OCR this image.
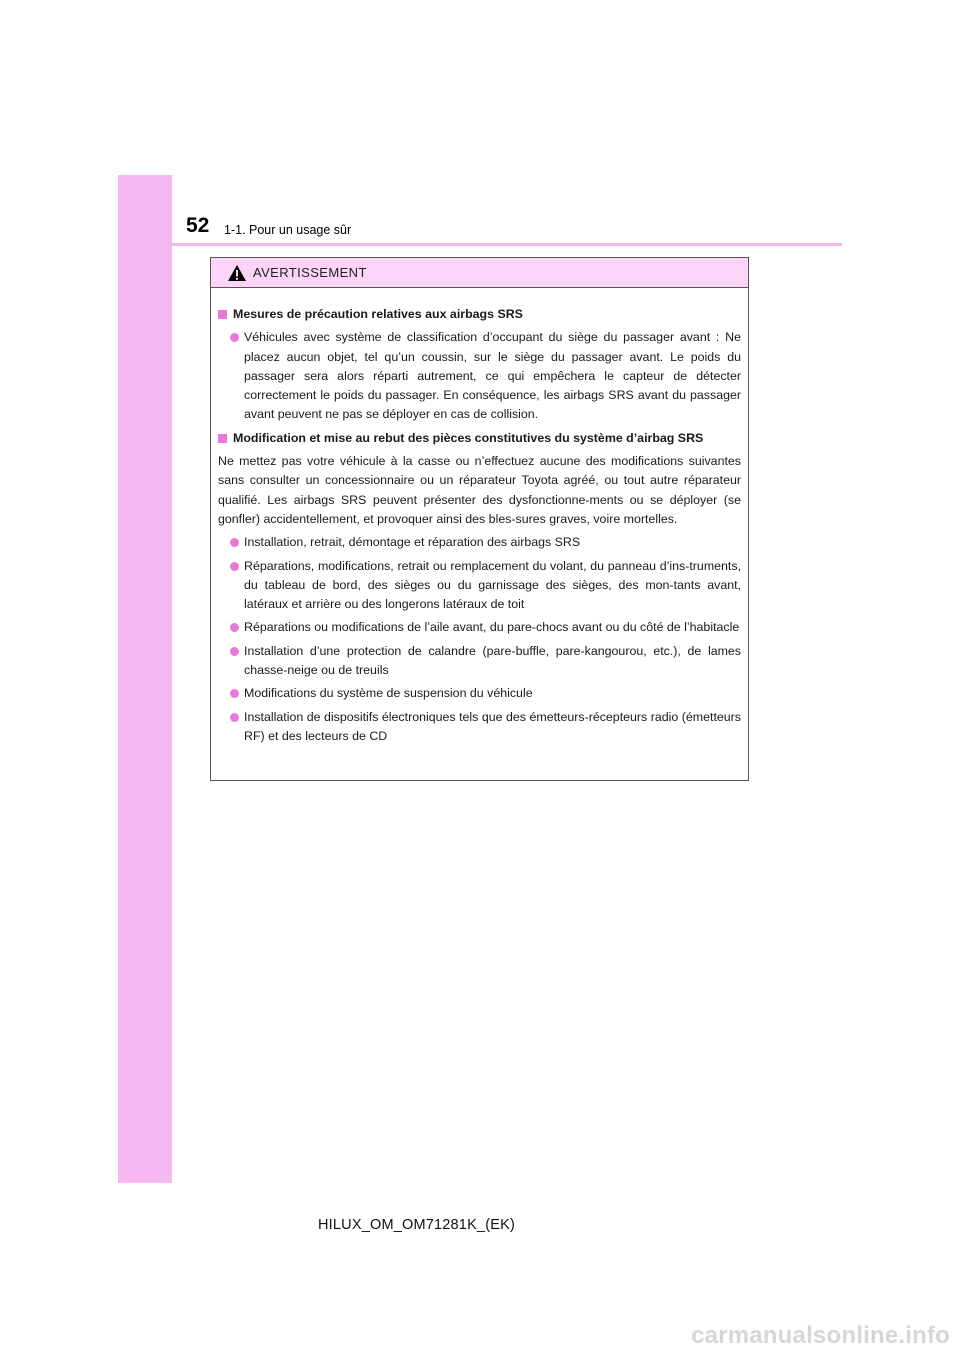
52 1-1. Pour un usage sûr
AVERTISSEMENT
Mesures de précaution relatives aux airbags SRS
Véhicules avec système de classification d’occupant du siège du passager avant : Ne placez aucun objet, tel qu’un coussin, sur le siège du passager avant. Le poids du passager sera alors réparti autrement, ce qui empêchera le capteur de détecter correctement le poids du passager. En conséquence, les airbags SRS avant du passager avant peuvent ne pas se déployer en cas de collision.
Modification et mise au rebut des pièces constitutives du système d’airbag SRS
Ne mettez pas votre véhicule à la casse ou n’effectuez aucune des modifications suivantes sans consulter un concessionnaire ou un réparateur Toyota agréé, ou tout autre réparateur qualifié. Les airbags SRS peuvent présenter des dysfonctionne-ments ou se déployer (se gonfler) accidentellement, et provoquer ainsi des bles-sures graves, voire mortelles.
Installation, retrait, démontage et réparation des airbags SRS
Réparations, modifications, retrait ou remplacement du volant, du panneau d’ins-truments, du tableau de bord, des sièges ou du garnissage des sièges, des mon-tants avant, latéraux et arrière ou des longerons latéraux de toit
Réparations ou modifications de l’aile avant, du pare-chocs avant ou du côté de l’habitacle
Installation d’une protection de calandre (pare-buffle, pare-kangourou, etc.), de lames chasse-neige ou de treuils
Modifications du système de suspension du véhicule
Installation de dispositifs électroniques tels que des émetteurs-récepteurs radio (émetteurs RF) et des lecteurs de CD
HILUX_OM_OM71281K_(EK)
carmanualsonline.info
